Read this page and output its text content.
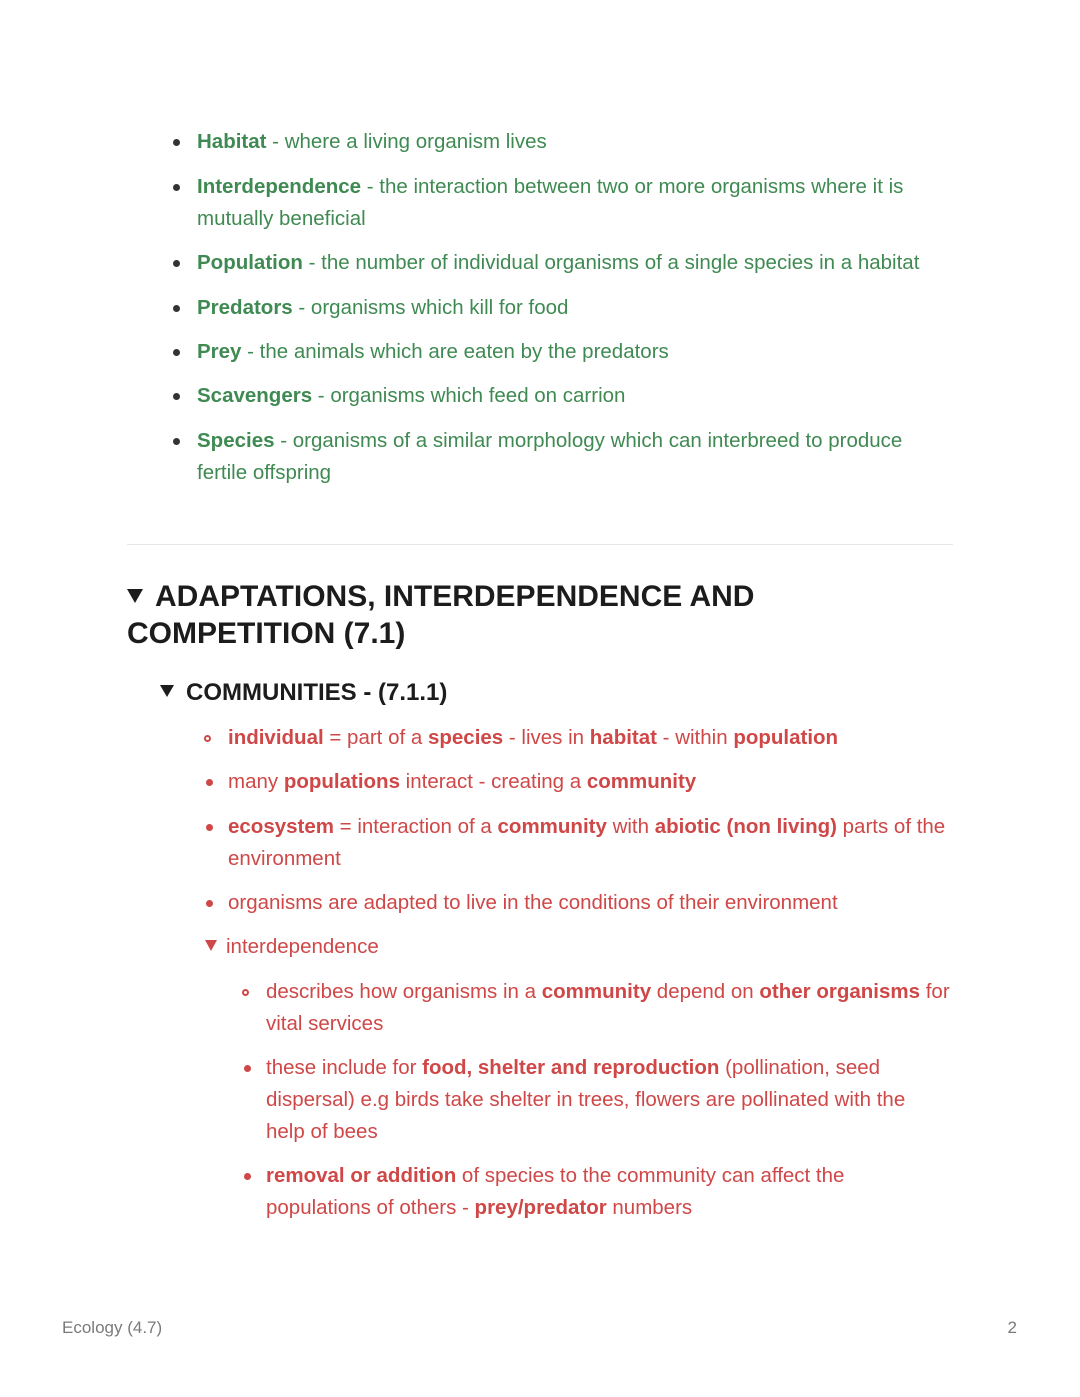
Habitat - where a living organism lives
Interdependence - the interaction between two or more organisms where it is mutually beneficial
Population - the number of individual organisms of a single species in a habitat
Predators - organisms which kill for food
Prey - the animals which are eaten by the predators
Scavengers - organisms which feed on carrion
Species - organisms of a similar morphology which can interbreed to produce fertile offspring
ADAPTATIONS, INTERDEPENDENCE AND COMPETITION (7.1)
COMMUNITIES - (7.1.1)
individual = part of a species - lives in habitat - within population
many populations interact - creating a community
ecosystem = interaction of a community with abiotic (non living) parts of the environment
organisms are adapted to live in the conditions of their environment
interdependence
describes how organisms in a community depend on other organisms for vital services
these include for food, shelter and reproduction (pollination, seed dispersal) e.g birds take shelter in trees, flowers are pollinated with the help of bees
removal or addition of species to the community can affect the populations of others - prey/predator numbers
Ecology (4.7)	2
